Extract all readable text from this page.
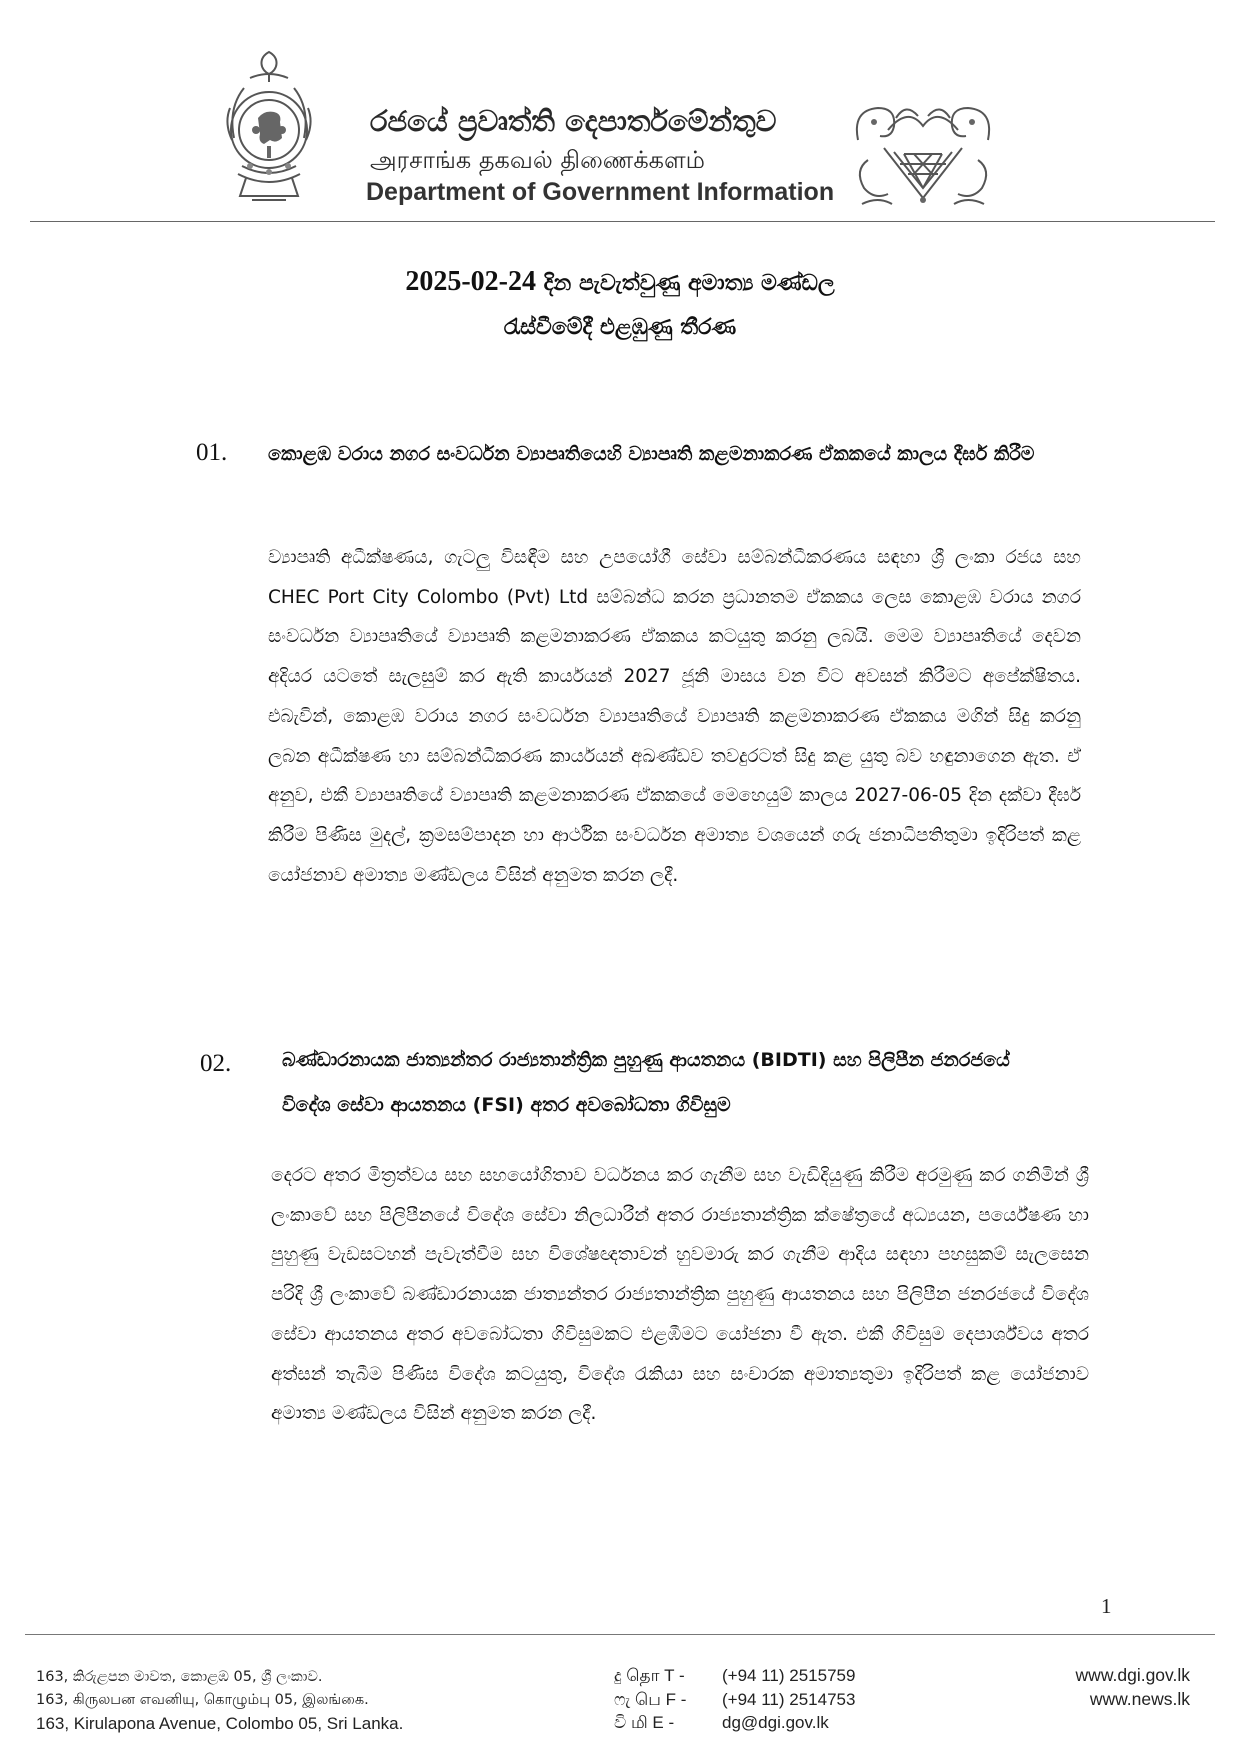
රජයේ ප්‍රවෘත්ති දෙපාර්තමේන්තුව
அரசாங்க தகவல் திணைக்களம்
Department of Government Information
2025-02-24 දින පැවැත්වුණු අමාත්‍ය මණ්ඩල
රැස්වීමේදී එළඹුණු තීරණ
01. කොළඹ වරාය නගර සංවර්ධන ව්‍යාපෘතියෙහි ව්‍යාපෘති කළමනාකරණ ඒකකයේ කාලය දීර්ඝ කිරීම
ව්‍යාපෘති අධීක්ෂණය, ගැටලු විසඳීම සහ උපයෝගී සේවා සම්බන්ධීකරණය සඳහා ශ්‍රී ලංකා රජය සහ CHEC Port City Colombo (Pvt) Ltd සම්බන්ධ කරන ප්‍රධානතම ඒකකය ලෙස කොළඹ වරාය නගර සංවර්ධන ව්‍යාපෘතියේ ව්‍යාපෘති කළමනාකරණ ඒකකය කටයුතු කරනු ලබයි. මෙම ව්‍යාපෘතියේ දෙවන අදියර යටතේ සැලසුම් කර ඇති කාර්යයන් 2027 ජූනි මාසය වන විට අවසන් කිරීමට අපේක්ෂිතය. එබැවින්, කොළඹ වරාය නගර සංවර්ධන ව්‍යාපෘතියේ ව්‍යාපෘති කළමනාකරණ ඒකකය මගින් සිදු කරනු ලබන අධීක්ෂණ හා සම්බන්ධීකරණ කාර්යයන් අඛණ්ඩව තවදුරටත් සිදු කළ යුතු බව හඳුනාගෙන ඇත. ඒ අනුව, එකී ව්‍යාපෘතියේ ව්‍යාපෘති කළමනාකරණ ඒකකයේ මෙහෙයුම් කාලය 2027-06-05 දින දක්වා දීර්ඝ කිරීම පිණිස මුදල්, ක්‍රමසම්පාදන හා ආර්ථික සංවර්ධන අමාත්‍ය වශයෙන් ගරු ජනාධිපතිතුමා ඉදිරිපත් කළ යෝජනාව අමාත්‍ය මණ්ඩලය විසින් අනුමත කරන ලදී.
02.	බණ්ඩාරනායක ජාත්‍යන්තර රාජ්‍යතාන්ත්‍රික පුහුණු ආයතනය (BIDTI) සහ පිලිපීන ජනරජයේ විදේශ සේවා ආයතනය (FSI) අතර අවබෝධතා ගිවිසුම
දෙරට අතර මිත්‍රත්වය සහ සහයෝගිතාව වර්ධනය කර ගැනීම සහ වැඩිදියුණු කිරීම අරමුණු කර ගනිමින් ශ්‍රී ලංකාවේ සහ පිලිපීනයේ විදේශ සේවා නිලධාරීන් අතර රාජ්‍යතාන්ත්‍රික ක්ෂේත්‍රයේ අධ්‍යයන, පර්යේෂණ හා පුහුණු වැඩසටහන් පැවැත්වීම සහ විශේෂඥතාවන් හුවමාරු කර ගැනීම ආදිය සඳහා පහසුකම් සැලසෙන පරිදි ශ්‍රී ලංකාවේ බණ්ඩාරනායක ජාත්‍යන්තර රාජ්‍යතාන්ත්‍රික පුහුණු ආයතනය සහ පිලිපීන ජනරජයේ විදේශ සේවා ආයතනය අතර අවබෝධතා ගිවිසුමකට එළඹීමට යෝජනා වී ඇත. එකී ගිවිසුම දෙපාර්ශ්වය අතර අත්සන් තැබීම පිණිස විදේශ කටයුතු, විදේශ රැකියා සහ සංචාරක අමාත්‍යතුමා ඉදිරිපත් කළ යෝජනාව අමාත්‍ය මණ්ඩලය විසින් අනුමත කරන ලදී.
1
163, කිරුළපන මාවත, කොළඹ 05, ශ්‍රී ලංකාව.
163, கிருலபன எவனியு, கொழும்பு 05, இலங்கை.
163, Kirulapona Avenue, Colombo 05, Sri Lanka.
දු தொ T - (+94 11) 2515759
ෆැ பெ F - (+94 11) 2514753
වි மி E -	dg@dgi.gov.lk
www.dgi.gov.lk
www.news.lk
